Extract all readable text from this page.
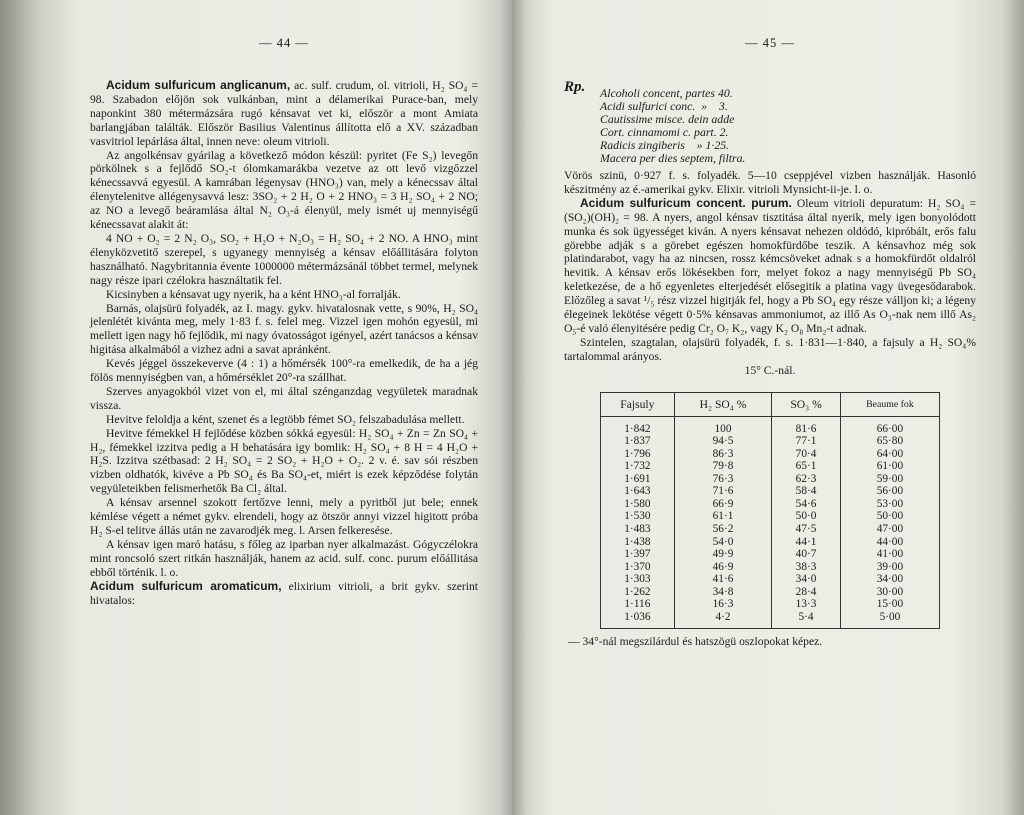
— 44 —

Acidum sulfuricum anglicanum, ac. sulf. crudum, ol. vitrioli, H₂ SO₄ = 98. Szabadon előjön sok vulkánban, mint a délamerikai Purace-ban, mely naponkint 380 métermázsára rugó kénsavat vet ki, először a mont Amiata barlangjában találták. Először Basilius Valentinus állította elő a XV. században vasvitriol lepárlása által, innen neve: oleum vitrioli.

Az angolkénsav gyárilag a következő módon készül: pyritet (Fe S₂) levegőn pörkölnek s a fejlődő SO₂-t ólomkamarákba vezetve az ott levő vizgőzzel kénecssavvá egyesül. A kamrában légenysav (HNO₃) van, mely a kénecssav által élenytelenitve allégenysavvá lesz: 3SO₂ + 2 H₂ O + 2 HNO₃ = 3 H₂ SO₄ + 2 NO; az NO a levegő beáramlása által N₂ O₃-á élenyül, mely ismét uj mennyiségű kénecssavat alakit át:

4 NO + O₂ = 2 N₂ O₃, SO₂ + H₂O + N₂O₃ = H₂ SO₄ + 2 NO. A HNO₃ mint élenyközvetitő szerepel, s ugyanegy mennyiség a kénsav előállitására folyton használható. Nagybritannia évente 1000000 métermázsánál többet termel, melynek nagy része ipari czélokra használtatik fel.

Kicsinyben a kénsavat ugy nyerik, ha a ként HNO₃-al forralják.

Barnás, olajsürü folyadék, az I. magy. gykv. hivatalosnak vette, s 90%, H₂ SO₄ jelenlétét kivánta meg, mely 1·83 f. s. felel meg. Vizzel igen mohón egyesül, mi mellett igen nagy hő fejlődik, mi nagy óvatosságot igényel, azért tanácsos a kénsav higitása alkalmából a vizhez adni a savat apránként.

Kevés jéggel összekeverve (4 : 1) a hőmérsék 100°-ra emelkedik, de ha a jég fölös mennyiségben van, a hőmérséklet 20°-ra szállhat.

Szerves anyagokból vizet von el, mi által szénganzdag vegyületek maradnak vissza.

Hevitve feloldja a ként, szenet és a legtöbb fémet SO₂ felszabadulása mellett.

Hevitve fémekkel H fejlődése közben sókká egyesül: H₂ SO₄ + Zn = Zn SO₄ + H₂, fémekkel izzitva pedig a H behatására igy bomlik: H₂ SO₄ + 8 H = 4 H₂O + H₂S. Izzitva szétbasad: 2 H₂ SO₄ = 2 SO₂ + H₂O + O₂. 2 v. é. sav sói részben vizben oldhatók, kivéve a Pb SO₄ és Ba SO₄-et, miért is ezek képződése folytán vegyületeikben felismerhetők Ba Cl₂ által.

A kénsav arsennel szokott fertőzve lenni, mely a pyritből jut bele; ennek kémlése végett a német gykv. elrendeli, hogy az ötször annyi vizzel higitott próba H₂ S-el telitve állás után ne zavarodjék meg. l. Arsen felkeresése.

A kénsav igen maró hatásu, s főleg az iparban nyer alkalmazást. Gógyczélokra mint roncsoló szert ritkán használják, hanem az acid. sulf. conc. purum előállitása ebből történik. l. o.

Acidum sulfuricum aromaticum, elixirium vitrioli, a brit gykv. szerint hivatalos:

— 45 —
Rp.	Alcoholi concent, partes 40.
Acidi sulfurici conc.  »    3.
Cautissime misce. dein adde
Cort. cinnamomi c. part. 2.
Radicis zingiberis    » 1·25.
Macera per dies septem, filtra.

Vörös szinü, 0·927 f. s. folyadék. 5—10 cseppjével vizben használják. Hasonló készitmény az é.-amerikai gykv. Elixir. vitrioli Mynsicht-ii-je. l. o.

Acidum sulfuricum concent. purum. Oleum vitrioli depuratum: H₂ SO₄ = (SO₂)(OH)₂ = 98. A nyers, angol kénsav tisztitása által nyerik, mely igen bonyolódott munka és sok ügyességet kiván. A nyers kénsavat nehezen oldódó, kipróbált, erős falu görebbe adják s a görebet egészen homokfürdőbe teszik. A kénsavhoz még sok platindarabot, vagy ha az nincsen, rossz kémcsöveket adnak s a homokfürdőt oldalról hevitik. A kénsav erős lökésekben forr, melyet fokoz a nagy mennyiségű Pb SO₄ keletkezése, de a hő egyenletes elterjedését elősegitik a platina vagy üvegesődarabok. Előzőleg a savat ¹/₅ rész vizzel higitják fel, hogy a Pb SO₄ egy része válljon ki; a légeny élegeinek lekötése végett 0·5% kénsavas ammoniumot, az illő As O₃-nak nem illő As₂ O₅-é való élenyitésére pedig Cr₂ O₇ K₂, vagy K₂ O₈ Mn₂-t adnak.

Szintelen, szagtalan, olajsürü folyadék, f. s. 1·831—1·840, a fajsuly a H₂ SO₄% tartalommal arányos.

15° C.-nál.

Fajsuly	H₂ SO₄ %	SO₃ %	Beaume fok
1·842	100	81·6	66·00
1·837	94·5	77·1	65·80
1·796	86·3	70·4	64·00
1·732	79·8	65·1	61·00
1·691	76·3	62·3	59·00
1·643	71·6	58·4	56·00
1·580	66·9	54·6	53·00
1·530	61·1	50·0	50·00
1·483	56·2	47·5	47·00
1·438	54·0	44·1	44·00
1·397	49·9	40·7	41·00
1·370	46·9	38·3	39·00
1·303	41·6	34·0	34·00
1·262	34·8	28·4	30·00
1·116	16·3	13·3	15·00
1·036	4·2	5·4	5·00
— 34°-nál megszilárdul és hatszögü oszlopokat képez.
